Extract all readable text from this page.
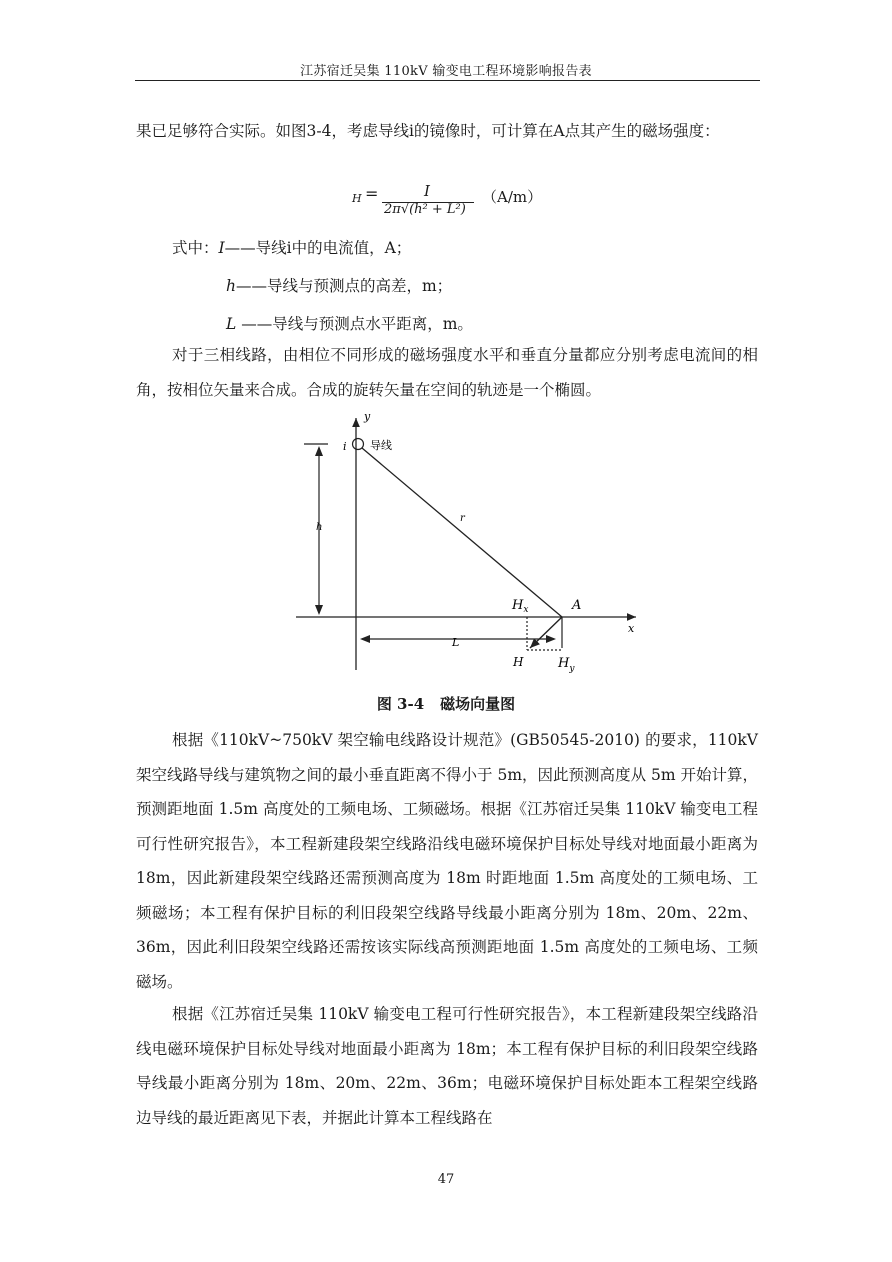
江苏宿迁吴集 110kV 输变电工程环境影响报告表

果已足够符合实际。如图3-4，考虑导线i的镜像时，可计算在A点其产生的磁场强度：

H =	I
2π√(h² + L²)
（A/m）
式中：I——导线i中的电流值，A；
h——导线与预测点的高差，m；
L ——导线与预测点水平距离，m。

对于三相线路，由相位不同形成的磁场强度水平和垂直分量都应分别考虑电流间的相角，按相位矢量来合成。合成的旋转矢量在空间的轨迹是一个椭圆。

y
x
i 导线
h
r
L
$H_x$	A
H	$H_y$
图 3-4 磁场向量图

根据《110kV~750kV 架空输电线路设计规范》(GB50545-2010) 的要求，110kV 架空线路导线与建筑物之间的最小垂直距离不得小于 5m，因此预测高度从 5m 开始计算，预测距地面 1.5m 高度处的工频电场、工频磁场。根据《江苏宿迁吴集 110kV 输变电工程可行性研究报告》，本工程新建段架空线路沿线电磁环境保护目标处导线对地面最小距离为 18m，因此新建段架空线路还需预测高度为 18m 时距地面 1.5m 高度处的工频电场、工频磁场；本工程有保护目标的利旧段架空线路导线最小距离分别为 18m、20m、22m、36m，因此利旧段架空线路还需按该实际线高预测距地面 1.5m 高度处的工频电场、工频磁场。

根据《江苏宿迁吴集 110kV 输变电工程可行性研究报告》，本工程新建段架空线路沿线电磁环境保护目标处导线对地面最小距离为 18m；本工程有保护目标的利旧段架空线路导线最小距离分别为 18m、20m、22m、36m；电磁环境保护目标处距本工程架空线路边导线的最近距离见下表，并据此计算本工程线路在

47
